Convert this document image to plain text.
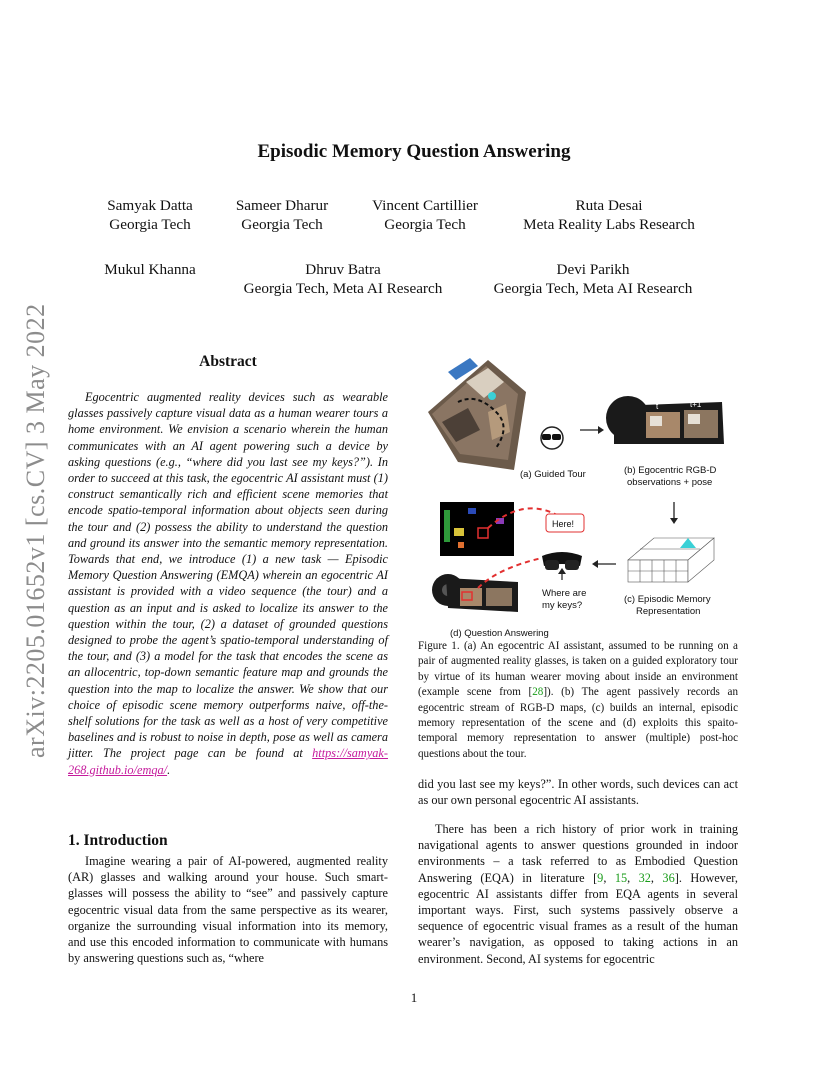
arXiv:2205.01652v1 [cs.CV] 3 May 2022
Episodic Memory Question Answering
Samyak Datta
Georgia Tech
Sameer Dharur
Georgia Tech
Vincent Cartillier
Georgia Tech
Ruta Desai
Meta Reality Labs Research
Mukul Khanna	Dhruv Batra
Georgia Tech, Meta AI Research
Devi Parikh
Georgia Tech, Meta AI Research
Abstract
Egocentric augmented reality devices such as wearable glasses passively capture visual data as a human wearer tours a home environment. We envision a scenario wherein the human communicates with an AI agent powering such a device by asking questions (e.g., “where did you last see my keys?”). In order to succeed at this task, the egocentric AI assistant must (1) construct semantically rich and efficient scene memories that encode spatio-temporal information about objects seen during the tour and (2) possess the ability to understand the question and ground its answer into the semantic memory representation. Towards that end, we introduce (1) a new task — Episodic Memory Question Answering (EMQA) wherein an egocentric AI assistant is provided with a video sequence (the tour) and a question as an input and is asked to localize its answer to the question within the tour, (2) a dataset of grounded questions designed to probe the agent’s spatio-temporal understanding of the tour, and (3) a model for the task that encodes the scene as an allocentric, top-down semantic feature map and grounds the question into the map to localize the answer. We show that our choice of episodic scene memory outperforms naive, off-the-shelf solutions for the task as well as a host of very competitive baselines and is robust to noise in depth, pose as well as camera jitter. The project page can be found at https://samyak-268.github.io/emqa/.
1. Introduction
Imagine wearing a pair of AI-powered, augmented reality (AR) glasses and walking around your house. Such smart-glasses will possess the ability to “see” and passively capture egocentric visual data from the same perspective as its wearer, organize the surrounding visual information into its memory, and use this encoded information to communicate with humans by answering questions such as, “where
(a) Guided Tour
t	t+1
(b) Egocentric RGB-D
observations + pose
(c) Episodic Memory
Representation
Here!
Where are
my keys?
(d) Question Answering
Figure 1. (a) An egocentric AI assistant, assumed to be running on a pair of augmented reality glasses, is taken on a guided exploratory tour by virtue of its human wearer moving about inside an environment (example scene from [28]). (b) The agent passively records an egocentric stream of RGB-D maps, (c) builds an internal, episodic memory representation of the scene and (d) exploits this spaito-temporal memory representation to answer (multiple) post-hoc questions about the tour.
did you last see my keys?”. In other words, such devices can act as our own personal egocentric AI assistants.
There has been a rich history of prior work in training navigational agents to answer questions grounded in indoor environments – a task referred to as Embodied Question Answering (EQA) in literature [9, 15, 32, 36]. However, egocentric AI assistants differ from EQA agents in several important ways. First, such systems passively observe a sequence of egocentric visual frames as a result of the human wearer’s navigation, as opposed to taking actions in an environment. Second, AI systems for egocentric
1
